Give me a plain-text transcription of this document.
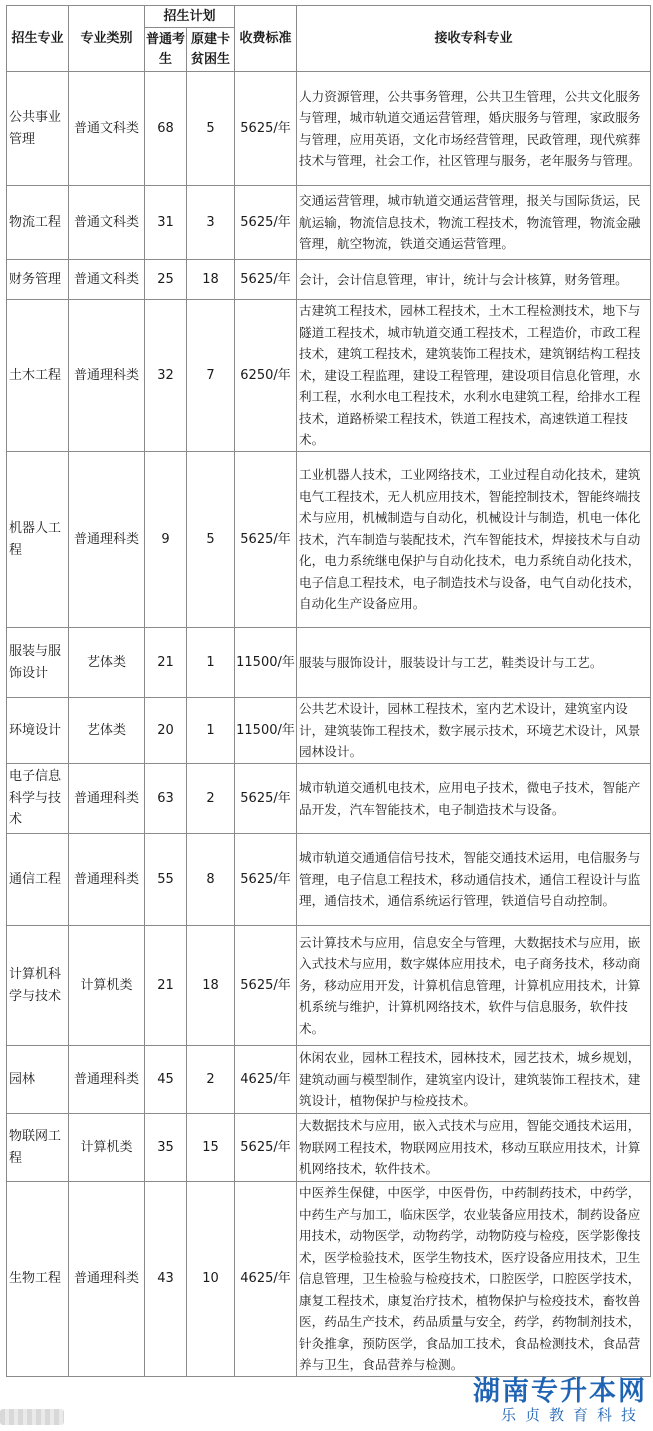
招生专业	专业类别	招生计划		收费标准	接收专科专业
		普通考生	原建卡贫困生		
公共事业管理	普通文科类	68	5	5625/年	人力资源管理，公共事务管理，公共卫生管理，公共文化服务与管理，城市轨道交通运营管理，婚庆服务与管理，家政服务与管理，应用英语，文化市场经营管理，民政管理，现代殡葬技术与管理，社会工作，社区管理与服务，老年服务与管理。
物流工程	普通文科类	31	3	5625/年	交通运营管理，城市轨道交通运营管理，报关与国际货运，民航运输，物流信息技术，物流工程技术，物流管理，物流金融管理，航空物流，铁道交通运营管理。
财务管理	普通文科类	25	18	5625/年	会计，会计信息管理，审计，统计与会计核算，财务管理。
土木工程	普通理科类	32	7	6250/年	古建筑工程技术，园林工程技术，土木工程检测技术，地下与隧道工程技术，城市轨道交通工程技术，工程造价，市政工程技术，建筑工程技术，建筑装饰工程技术，建筑钢结构工程技术，建设工程监理，建设工程管理，建设项目信息化管理，水利工程，水利水电工程技术，水利水电建筑工程，给排水工程技术，道路桥梁工程技术，铁道工程技术，高速铁道工程技术。
机器人工程	普通理科类	9	5	5625/年	工业机器人技术，工业网络技术，工业过程自动化技术，建筑电气工程技术，无人机应用技术，智能控制技术，智能终端技术与应用，机械制造与自动化，机械设计与制造，机电一体化技术，汽车制造与装配技术，汽车智能技术，焊接技术与自动化，电力系统继电保护与自动化技术，电力系统自动化技术，电子信息工程技术，电子制造技术与设备，电气自动化技术，自动化生产设备应用。
服装与服饰设计	艺体类	21	1	11500/年	服装与服饰设计，服装设计与工艺，鞋类设计与工艺。
环境设计	艺体类	20	1	11500/年	公共艺术设计，园林工程技术，室内艺术设计，建筑室内设计，建筑装饰工程技术，数字展示技术，环境艺术设计，风景园林设计。
电子信息科学与技术	普通理科类	63	2	5625/年	城市轨道交通机电技术，应用电子技术，微电子技术，智能产品开发，汽车智能技术，电子制造技术与设备。
通信工程	普通理科类	55	8	5625/年	城市轨道交通通信信号技术，智能交通技术运用，电信服务与管理，电子信息工程技术，移动通信技术，通信工程设计与监理，通信技术，通信系统运行管理，铁道信号自动控制。
计算机科学与技术	计算机类	21	18	5625/年	云计算技术与应用，信息安全与管理，大数据技术与应用，嵌入式技术与应用，数字媒体应用技术，电子商务技术，移动商务，移动应用开发，计算机信息管理，计算机应用技术，计算机系统与维护，计算机网络技术，软件与信息服务，软件技术。
园林	普通理科类	45	2	4625/年	休闲农业，园林工程技术，园林技术，园艺技术，城乡规划，建筑动画与模型制作，建筑室内设计，建筑装饰工程技术，建筑设计，植物保护与检疫技术。
物联网工程	计算机类	35	15	5625/年	大数据技术与应用，嵌入式技术与应用，智能交通技术运用，物联网工程技术，物联网应用技术，移动互联应用技术，计算机网络技术，软件技术。
生物工程	普通理科类	43	10	4625/年	中医养生保健，中医学，中医骨伤，中药制药技术，中药学，中药生产与加工，临床医学，农业装备应用技术，制药设备应用技术，动物医学，动物药学，动物防疫与检疫，医学影像技术，医学检验技术，医学生物技术，医疗设备应用技术，卫生信息管理，卫生检验与检疫技术，口腔医学，口腔医学技术，康复工程技术，康复治疗技术，植物保护与检疫技术，畜牧兽医，药品生产技术，药品质量与安全，药学，药物制剂技术，针灸推拿，预防医学，食品加工技术，食品检测技术，食品营养与卫生，食品营养与检测。
湖南专升本网
乐贞教育科技
